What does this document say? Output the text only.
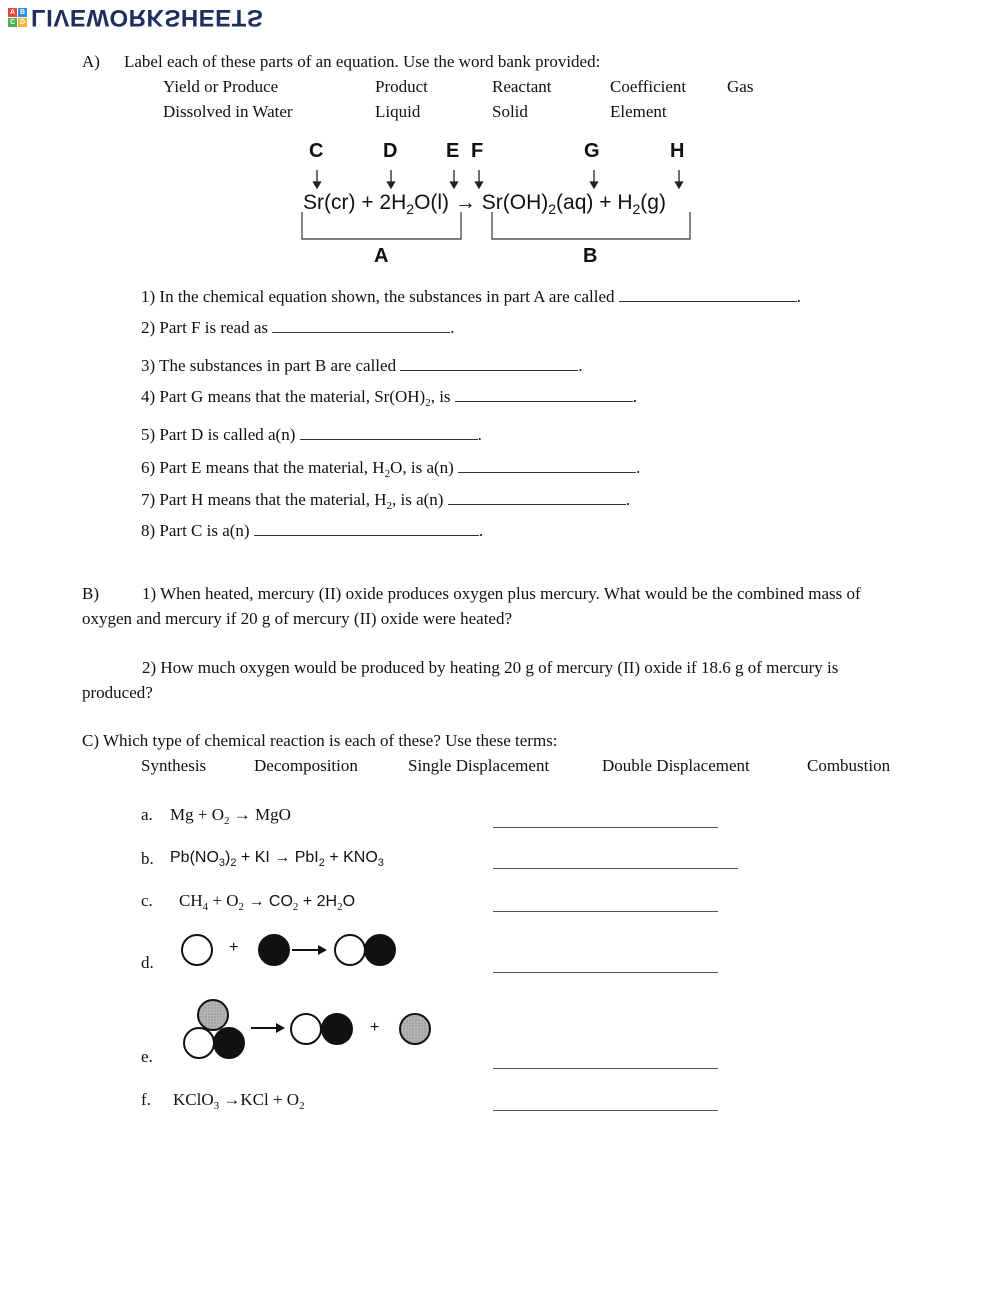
A B
C D LIVEWORKSHEETS
A) Label each of these parts of an equation. Use the word bank provided:
Yield or Produce	Product	Reactant	Coefficient Gas
Dissolved in Water	Liquid	Solid	Element
C	D E F	G	H
$Sr(cr) + 2H_2O(l) \to Sr(OH)_2(aq) + H_2(g)$
A	B
1) In the chemical equation shown, the substances in part A are called	.
2) Part F is read as	.
3) The substances in part B are called	.
4) Part G means that the material, $Sr(OH)_2$, is	.
5) Part D is called a(n)	.
6) Part E means that the material, $H_2O$, is a(n)	.
7) Part H means that the material, $H_2$, is a(n)	.
8) Part C is a(n)	.
B)	1) When heated, mercury (II) oxide produces oxygen plus mercury. What would be the combined mass of
oxygen and mercury if 20 g of mercury (II) oxide were heated?
2) How much oxygen would be produced by heating 20 g of mercury (II) oxide if 18.6 g of mercury is
produced?
C) Which type of chemical reaction is each of these? Use these terms:
Synthesis	Decomposition	Single Displacement	Double Displacement	Combustion
a. $Mg + O_2$ → MgO
b. $Pb(NO_3)_2$ + KI → $PbI_2 + KNO_3$
c. $CH_4 + O_2 \to CO_2 + 2H_2O$
d.
+
e.
+
f. KClO$_3$ $\to KCl + O_2$
